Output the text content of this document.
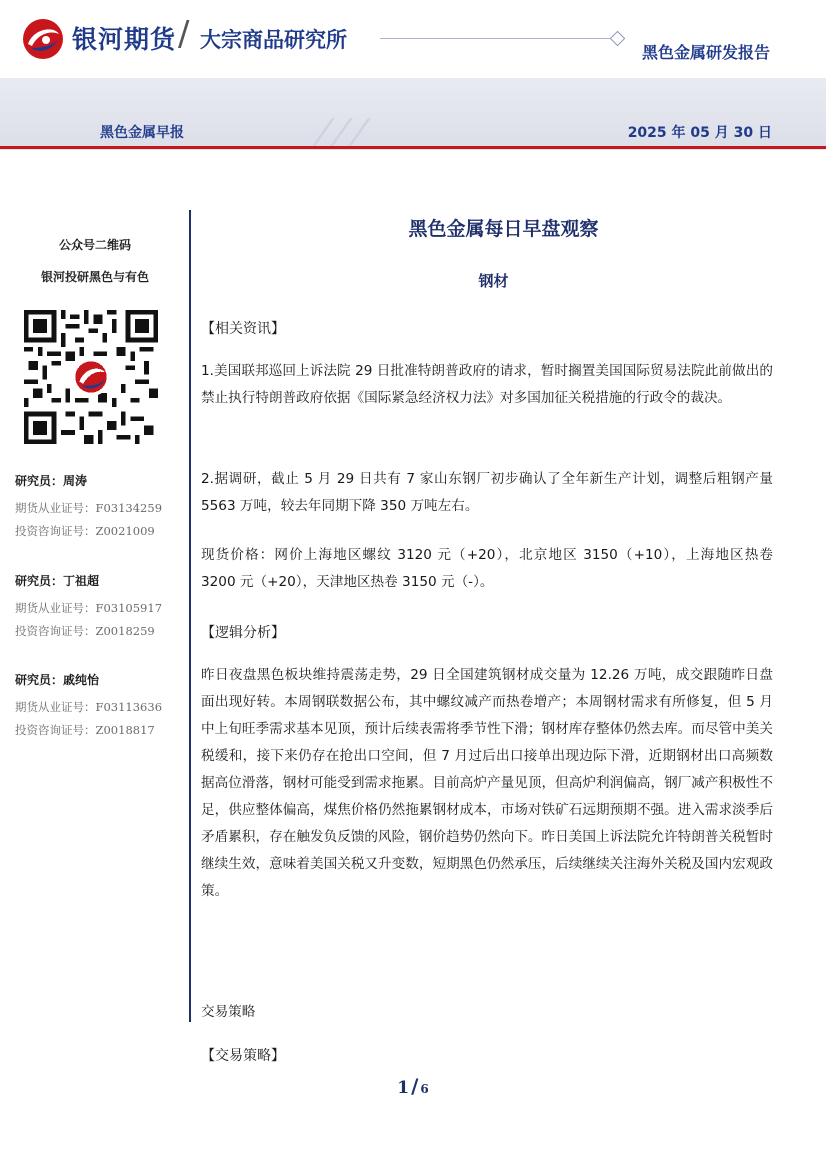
银河期货 / 大宗商品研究所
黑色金属研发报告
黑色金属早报	2025 年 05 月 30 日
公众号二维码
银河投研黑色与有色
研究员：周涛
期货从业证号：F03134259
投资咨询证号：Z0021009
研究员：丁祖超
期货从业证号：F03105917
投资咨询证号：Z0018259
研究员：戚纯怡
期货从业证号：F03113636
投资咨询证号：Z0018817
黑色金属每日早盘观察
钢材
【相关资讯】
1.美国联邦巡回上诉法院 29 日批准特朗普政府的请求，暂时搁置美国国际贸易法院此前做出的禁止执行特朗普政府依据《国际紧急经济权力法》对多国加征关税措施的行政令的裁决。
2.据调研，截止 5 月 29 日共有 7 家山东钢厂初步确认了全年新生产计划，调整后粗钢产量 5563 万吨，较去年同期下降 350 万吨左右。
现货价格：网价上海地区螺纹 3120 元（+20），北京地区 3150（+10），上海地区热卷 3200 元（+20），天津地区热卷 3150 元（-）。
【逻辑分析】
昨日夜盘黑色板块维持震荡走势，29 日全国建筑钢材成交量为 12.26 万吨，成交跟随昨日盘面出现好转。本周钢联数据公布，其中螺纹减产而热卷增产；本周钢材需求有所修复，但 5 月中上旬旺季需求基本见顶，预计后续表需将季节性下滑；钢材库存整体仍然去库。而尽管中美关税缓和，接下来仍存在抢出口空间，但 7 月过后出口接单出现边际下滑，近期钢材出口高频数据高位滑落，钢材可能受到需求拖累。目前高炉产量见顶，但高炉利润偏高，钢厂减产积极性不足，供应整体偏高，煤焦价格仍然拖累钢材成本，市场对铁矿石远期预期不强。进入需求淡季后矛盾累积，存在触发负反馈的风险，钢价趋势仍然向下。昨日美国上诉法院允许特朗普关税暂时继续生效，意味着美国关税又升变数，短期黑色仍然承压，后续继续关注海外关税及国内宏观政策。
交易策略
【交易策略】
1 / 6
